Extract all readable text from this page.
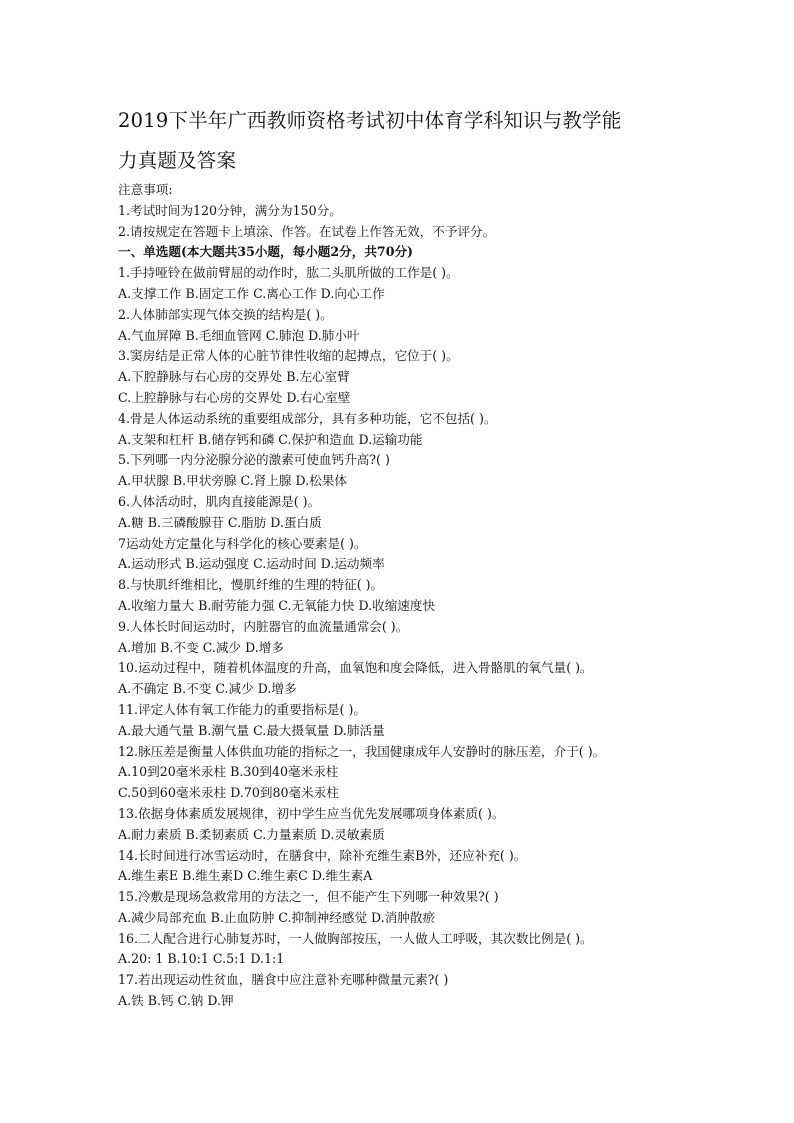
2019下半年广西教师资格考试初中体育学科知识与教学能
力真题及答案
注意事项:
1.考试时间为120分钟，满分为150分。
2.请按规定在答题卡上填涂、作答。在试卷上作答无效，不予评分。
一、单选题(本大题共35小题，每小题2分，共70分)
1.手持哑铃在做前臂屈的动作时，肱二头肌所做的工作是( )。
A.支撑工作 B.固定工作 C.离心工作 D.向心工作
2.人体肺部实现气体交换的结构是( )。
A.气血屏障 B.毛细血管网 C.肺泡 D.肺小叶
3.窦房结是正常人体的心脏节律性收缩的起搏点，它位于( )。
A.下腔静脉与右心房的交界处 B.左心室臂
C.上腔静脉与右心房的交界处 D.右心室壁
4.骨是人体运动系统的重要组成部分，具有多种功能，它不包括( )。
A.支架和杠杆 B.储存钙和磷 C.保护和造血 D.运输功能
5.下列哪一内分泌腺分泌的激素可使血钙升高?( )
A.甲状腺 B.甲状旁腺 C.肾上腺 D.松果体
6.人体活动时，肌肉直接能源是( )。
A.糖 B.三磷酸腺苷 C.脂肪 D.蛋白质
7运动处方定量化与科学化的核心要素是( )。
A.运动形式 B.运动强度 C.运动时间 D.运动频率
8.与快肌纤维相比，慢肌纤维的生理的特征( )。
A.收缩力量大 B.耐劳能力强 C.无氧能力快 D.收缩速度快
9.人体长时间运动时，内脏器官的血流量通常会( )。
A.增加 B.不变 C.减少 D.增多
10.运动过程中，随着机体温度的升高，血氧饱和度会降低，进入骨骼肌的氧气量( )。
A.不确定 B.不变 C.减少 D.增多
11.评定人体有氧工作能力的重要指标是( )。
A.最大通气量 B.潮气量 C.最大摄氧量 D.肺活量
12.脉压差是衡量人体供血功能的指标之一，我国健康成年人安静时的脉压差，介于( )。
A.10到20毫米汞柱 B.30到40毫米汞柱
C.50到60毫米汞柱 D.70到80毫米汞柱
13.依据身体素质发展规律，初中学生应当优先发展哪项身体素质( )。
A.耐力素质 B.柔韧素质 C.力量素质 D.灵敏素质
14.长时间进行冰雪运动时，在膳食中，除补充维生素B外，还应补充( )。
A.维生素E B.维生素D C.维生素C D.维生素A
15.冷敷是现场急救常用的方法之一，但不能产生下列哪一种效果?( )
A.减少局部充血 B.止血防肿 C.抑制神经感觉 D.消肿散瘀
16.二人配合进行心肺复苏时，一人做胸部按压，一人做人工呼吸，其次数比例是( )。
A.20: 1 B.10:1 C.5:1 D.1:1
17.若出现运动性贫血，膳食中应注意补充哪种微量元素?( )
A.铁 B.钙 C.钠 D.钾
